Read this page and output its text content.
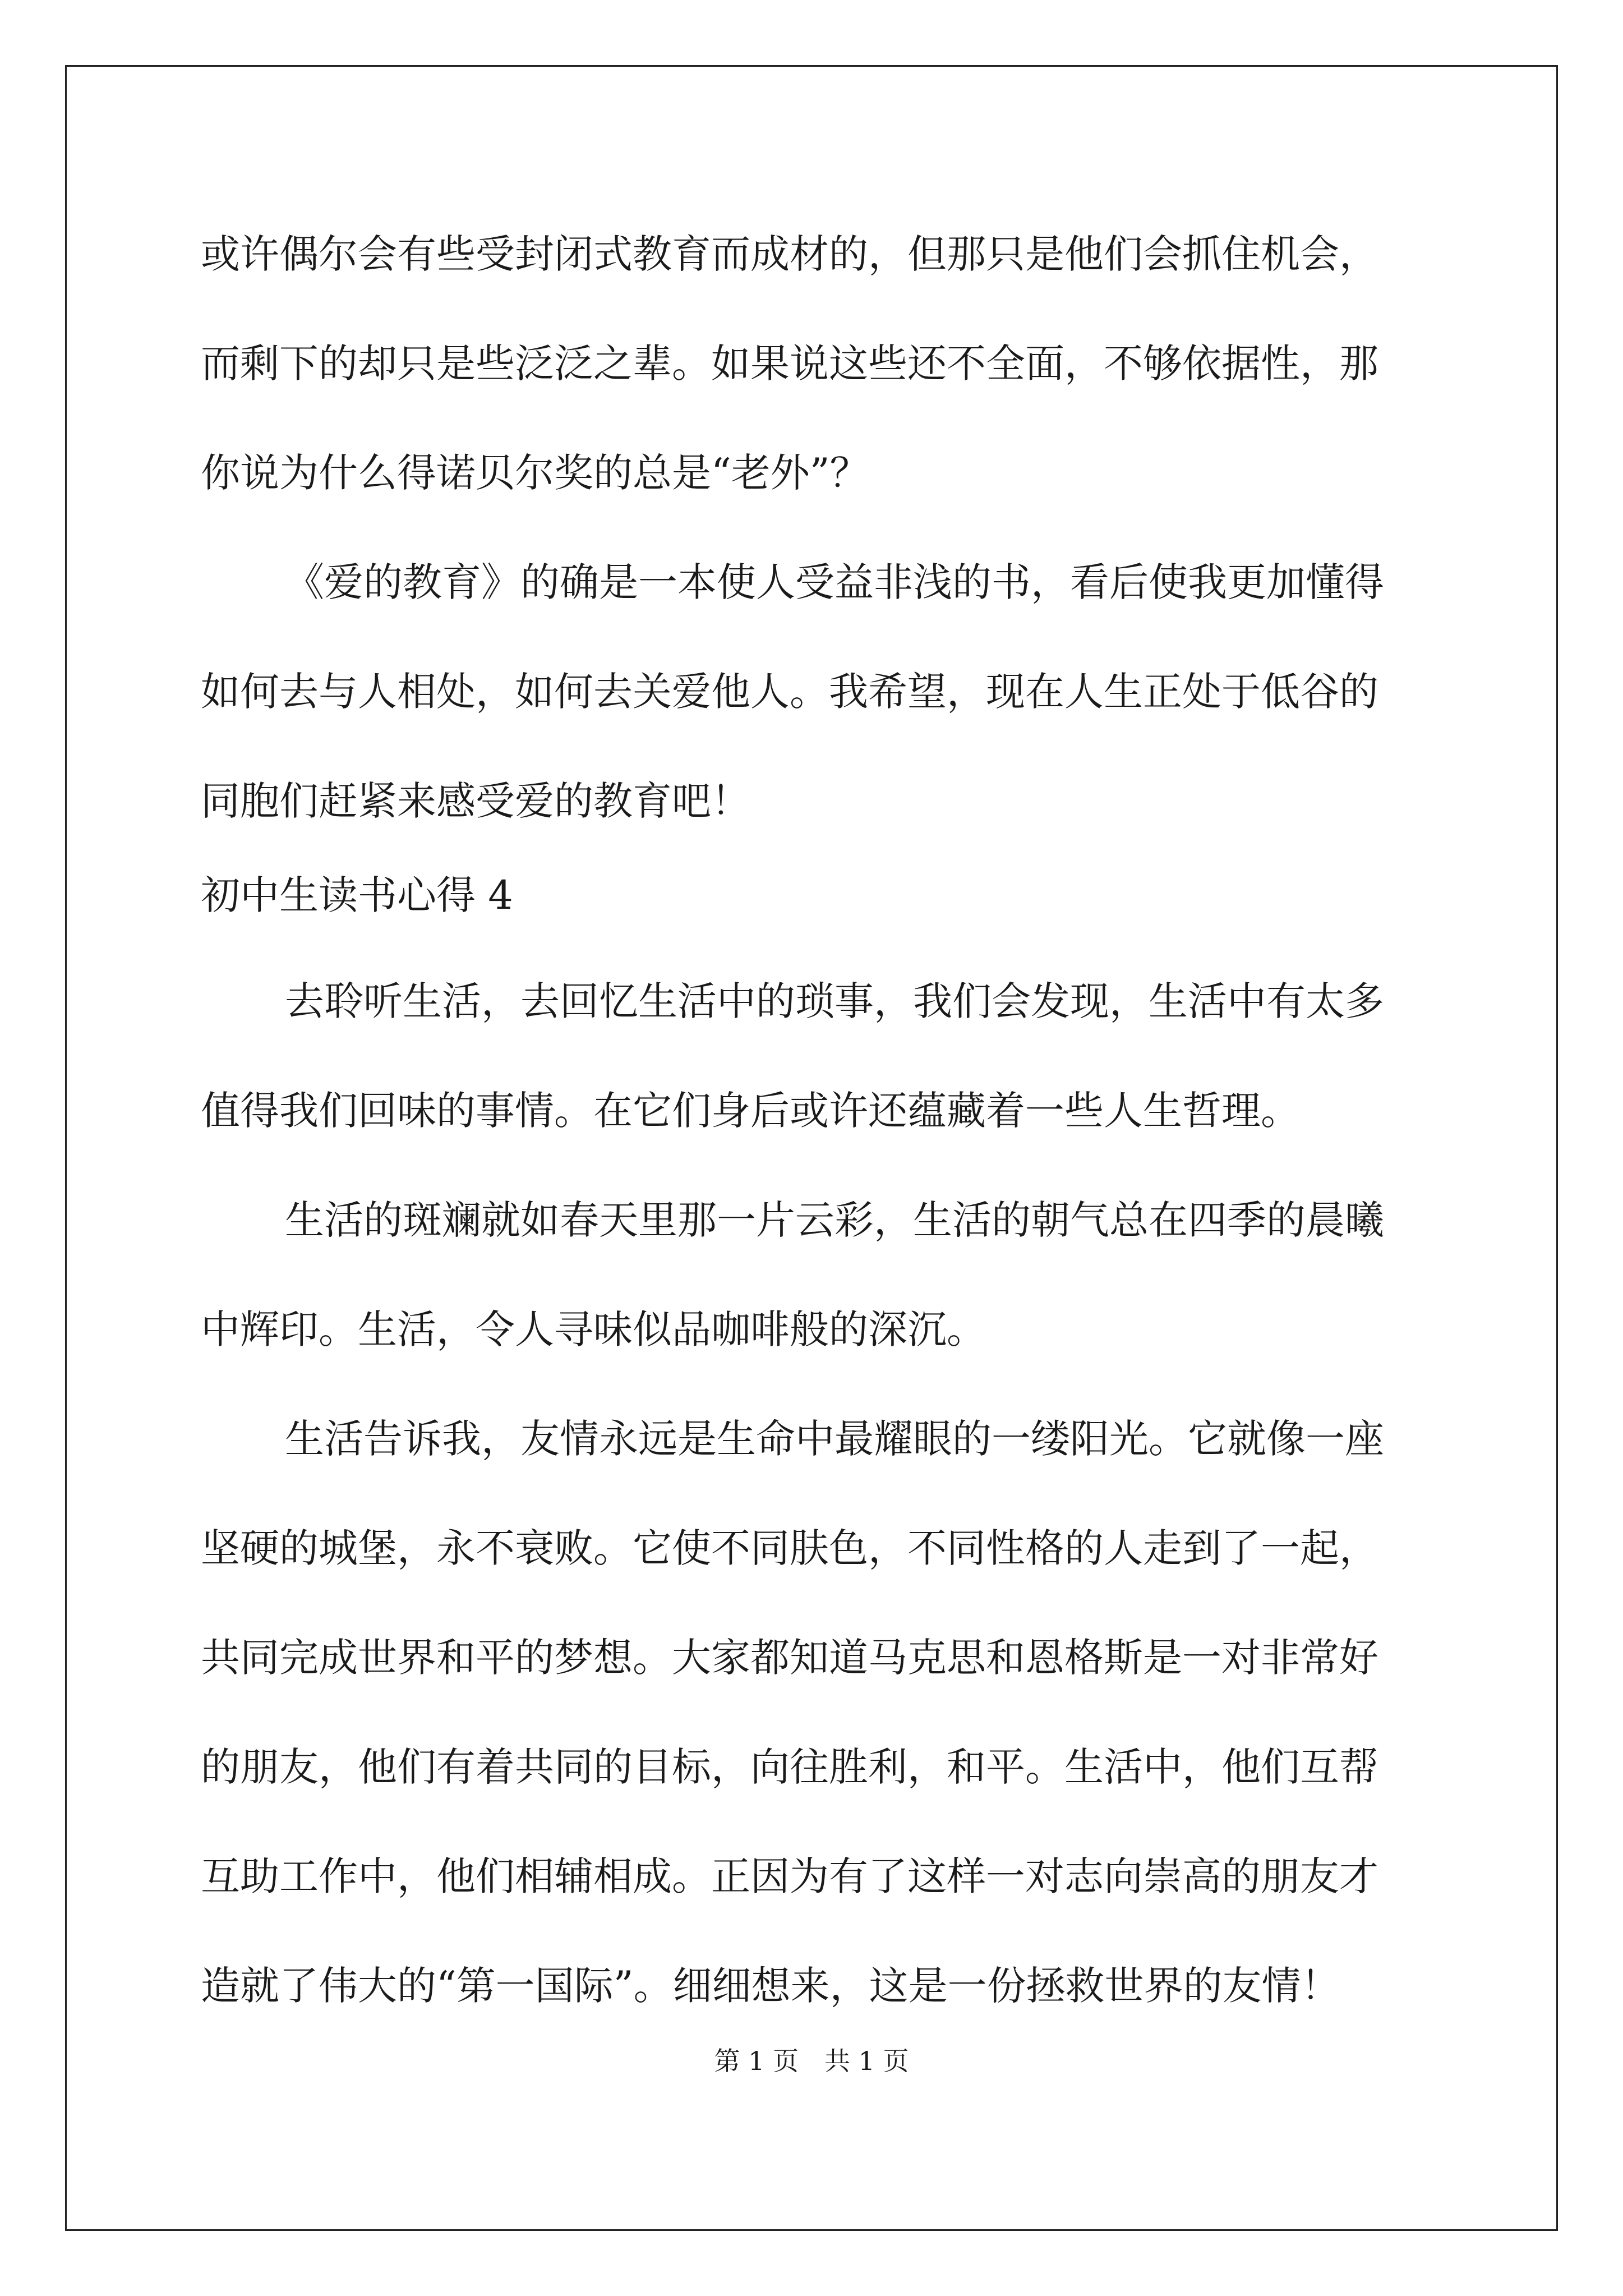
或许偶尔会有些受封闭式教育而成材的，但那只是他们会抓住机会，
而剩下的却只是些泛泛之辈。如果说这些还不全面，不够依据性，那
你说为什么得诺贝尔奖的总是“老外”？
《爱的教育》的确是一本使人受益非浅的书，看后使我更加懂得
如何去与人相处，如何去关爱他人。我希望，现在人生正处于低谷的
同胞们赶紧来感受爱的教育吧！
初中生读书心得 4
去聆听生活，去回忆生活中的琐事，我们会发现，生活中有太多
值得我们回味的事情。在它们身后或许还蕴藏着一些人生哲理。
生活的斑斓就如春天里那一片云彩，生活的朝气总在四季的晨曦
中辉印。生活，令人寻味似品咖啡般的深沉。
生活告诉我，友情永远是生命中最耀眼的一缕阳光。它就像一座
坚硬的城堡，永不衰败。它使不同肤色，不同性格的人走到了一起，
共同完成世界和平的梦想。大家都知道马克思和恩格斯是一对非常好
的朋友，他们有着共同的目标，向往胜利，和平。生活中，他们互帮
互助工作中，他们相辅相成。正因为有了这样一对志向崇高的朋友才
造就了伟大的“第一国际”。细细想来，这是一份拯救世界的友情！
第 1 页　共 1 页
